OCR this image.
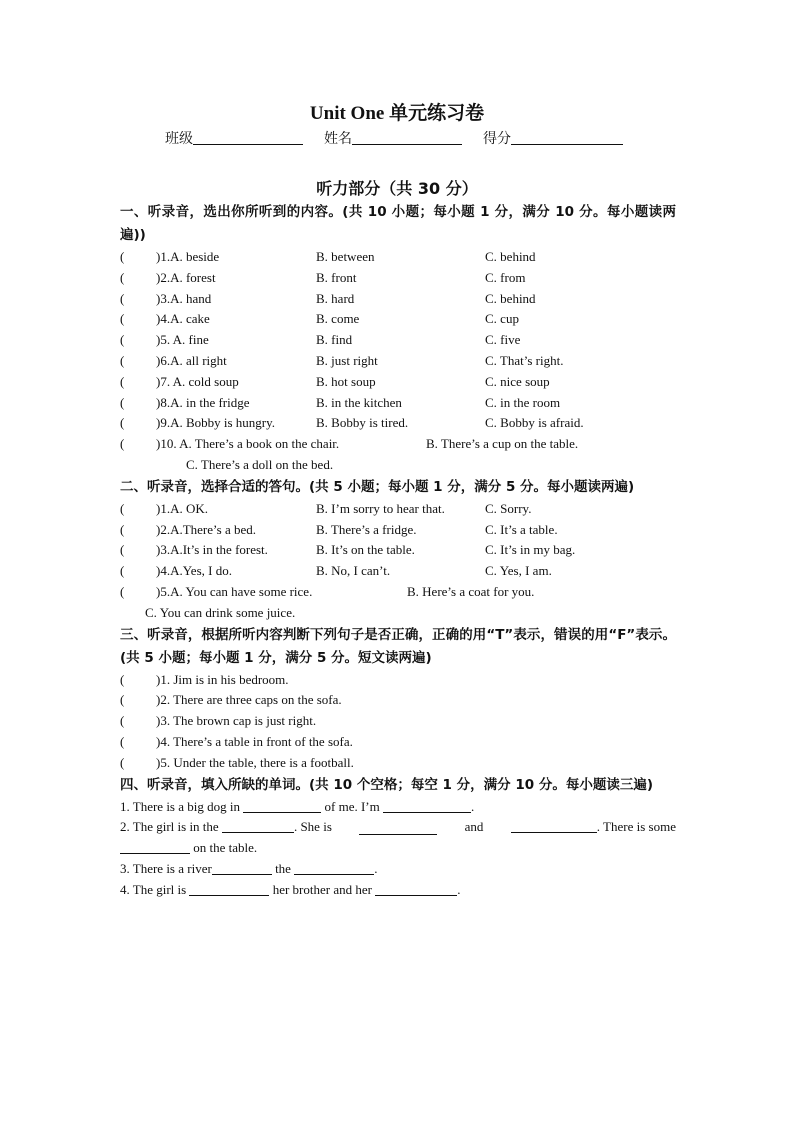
Unit One 单元练习卷
班级	姓名	得分
听力部分（共 30 分）
一、听录音，选出你所听到的内容。(共 10 小题；每小题 1 分，满分 10 分。每小题读两遍))
( )1.A. beside	B. between	C. behind
( )2.A. forest	B. front	C. from
( )3.A. hand	B. hard	C. behind
( )4.A. cake	B. come	C. cup
( )5. A. fine	B. find	C. five
( )6.A. all right	B. just right	C. That’s right.
( )7. A. cold soup	B. hot soup	C. nice soup
( )8.A. in the fridge	B. in the kitchen	C. in the room
( )9.A. Bobby is hungry.	B. Bobby is tired.	C. Bobby is afraid.
( )10. A. There’s a book on the chair.	B. There’s a cup on the table.
C. There’s a doll on the bed.
二、听录音，选择合适的答句。(共 5 小题；每小题 1 分，满分 5 分。每小题读两遍)
( )1.A. OK.	B. I’m sorry to hear that.	C. Sorry.
( )2.A.There’s a bed.	B. There’s a fridge.	C. It’s a table.
( )3.A.It’s in the forest.	B. It’s on the table.	C. It’s in my bag.
( )4.A.Yes, I do.	B. No, I can’t.	C. Yes, I am.
( )5.A. You can have some rice.	B. Here’s a coat for you.
C. You can drink some juice.
三、听录音，根据所听内容判断下列句子是否正确，正确的用“T”表示，错误的用“F”表示。(共 5 小题；每小题 1 分，满分 5 分。短文读两遍)
( )1. Jim is in his bedroom.
( )2. There are three caps on the sofa.
( )3. The brown cap is just right.
( )4. There’s a table in front of the sofa.
( )5. Under the table, there is a football.
四、听录音，填入所缺的单词。(共 10 个空格；每空 1 分，满分 10 分。每小题读三遍)
1. There is a big dog in	of me. I’m	.
2. The girl is in the	. She is	and	. There is some
on the table.
3. There is a river	the	.
4. The girl is	her brother and her	.
